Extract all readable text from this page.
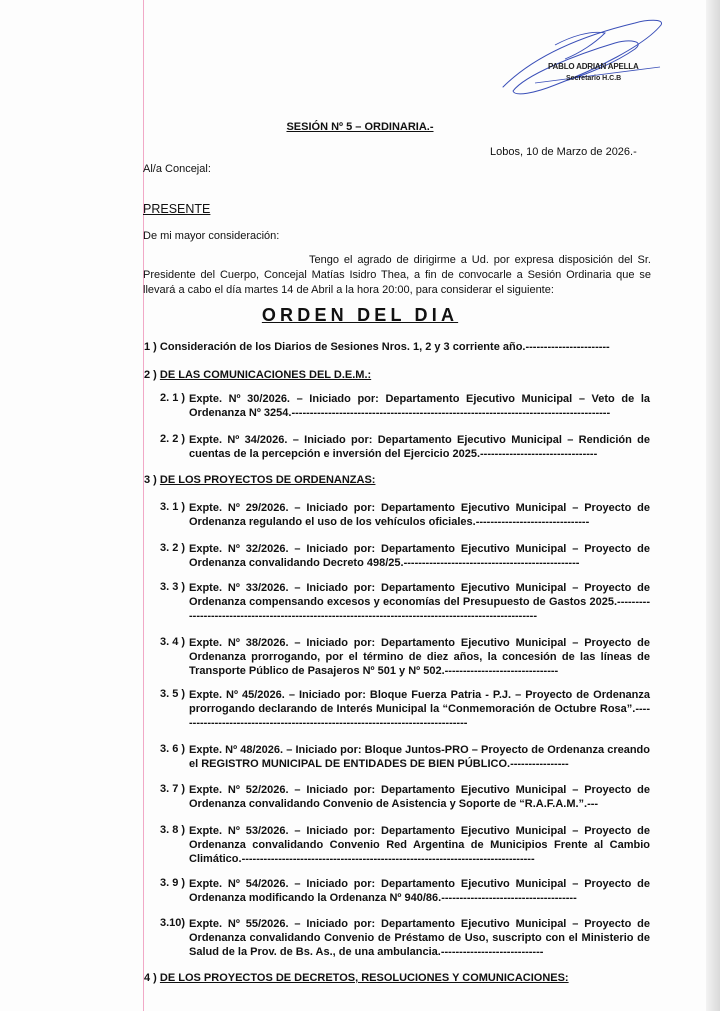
PABLO ADRIAN APELLA
Secretario H.C.B
SESIÓN Nº 5 – ORDINARIA.-
Lobos, 10 de Marzo de 2026.-
Al/a Concejal:
PRESENTE
De mi mayor consideración:
Tengo el agrado de dirigirme a Ud. por expresa disposición del Sr. Presidente del Cuerpo, Concejal Matías Isidro Thea, a fin de convocarle a Sesión Ordinaria que se llevará a cabo el día martes 14 de Abril a la hora 20:00, para considerar el siguiente:
ORDEN DEL DIA
1 ) Consideración de los Diarios de Sesiones Nros. 1, 2 y 3 corriente año.-----------------------
2 ) DE LAS COMUNICACIONES DEL D.E.M.:
2. 1 ) Expte. Nº 30/2026. – Iniciado por: Departamento Ejecutivo Municipal – Veto de la Ordenanza Nº 3254.---------------------------------------------------------------------------------------
2. 2 ) Expte. Nº 34/2026. – Iniciado por: Departamento Ejecutivo Municipal – Rendición de cuentas de la percepción e inversión del Ejercicio 2025.--------------------------------
3 ) DE LOS PROYECTOS DE ORDENANZAS:
3. 1 ) Expte. Nº 29/2026. – Iniciado por: Departamento Ejecutivo Municipal – Proyecto de Ordenanza regulando el uso de los vehículos oficiales.-------------------------------
3. 2 ) Expte. Nº 32/2026. – Iniciado por: Departamento Ejecutivo Municipal – Proyecto de Ordenanza convalidando Decreto 498/25.------------------------------------------------
3. 3 ) Expte. Nº 33/2026. – Iniciado por: Departamento Ejecutivo Municipal – Proyecto de Ordenanza compensando excesos y economías del Presupuesto de Gastos 2025.--------------------------------------------------------------------------------------------------------
3. 4 ) Expte. Nº 38/2026. – Iniciado por: Departamento Ejecutivo Municipal – Proyecto de Ordenanza prorrogando, por el término de diez años, la concesión de las líneas de Transporte Público de Pasajeros Nº 501 y Nº 502.-------------------------------
3. 5 ) Expte. Nº 45/2026. – Iniciado por: Bloque Fuerza Patria - P.J. – Proyecto de Ordenanza prorrogando declarando de Interés Municipal la “Conmemoración de Octubre Rosa”.--------------------------------------------------------------------------------
3. 6 ) Expte. Nº 48/2026. – Iniciado por: Bloque Juntos-PRO – Proyecto de Ordenanza creando el REGISTRO MUNICIPAL DE ENTIDADES DE BIEN PÚBLICO.----------------
3. 7 ) Expte. Nº 52/2026. – Iniciado por: Departamento Ejecutivo Municipal – Proyecto de Ordenanza convalidando Convenio de Asistencia y Soporte de “R.A.F.A.M.”.---
3. 8 ) Expte. Nº 53/2026. – Iniciado por: Departamento Ejecutivo Municipal – Proyecto de Ordenanza convalidando Convenio Red Argentina de Municipios Frente al Cambio Climático.--------------------------------------------------------------------------------
3. 9 ) Expte. Nº 54/2026. – Iniciado por: Departamento Ejecutivo Municipal – Proyecto de Ordenanza modificando la Ordenanza Nº 940/86.-------------------------------------
3.10) Expte. Nº 55/2026. – Iniciado por: Departamento Ejecutivo Municipal – Proyecto de Ordenanza convalidando Convenio de Préstamo de Uso, suscripto con el Ministerio de Salud de la Prov. de Bs. As., de una ambulancia.----------------------------
4 ) DE LOS PROYECTOS DE DECRETOS, RESOLUCIONES Y COMUNICACIONES:
